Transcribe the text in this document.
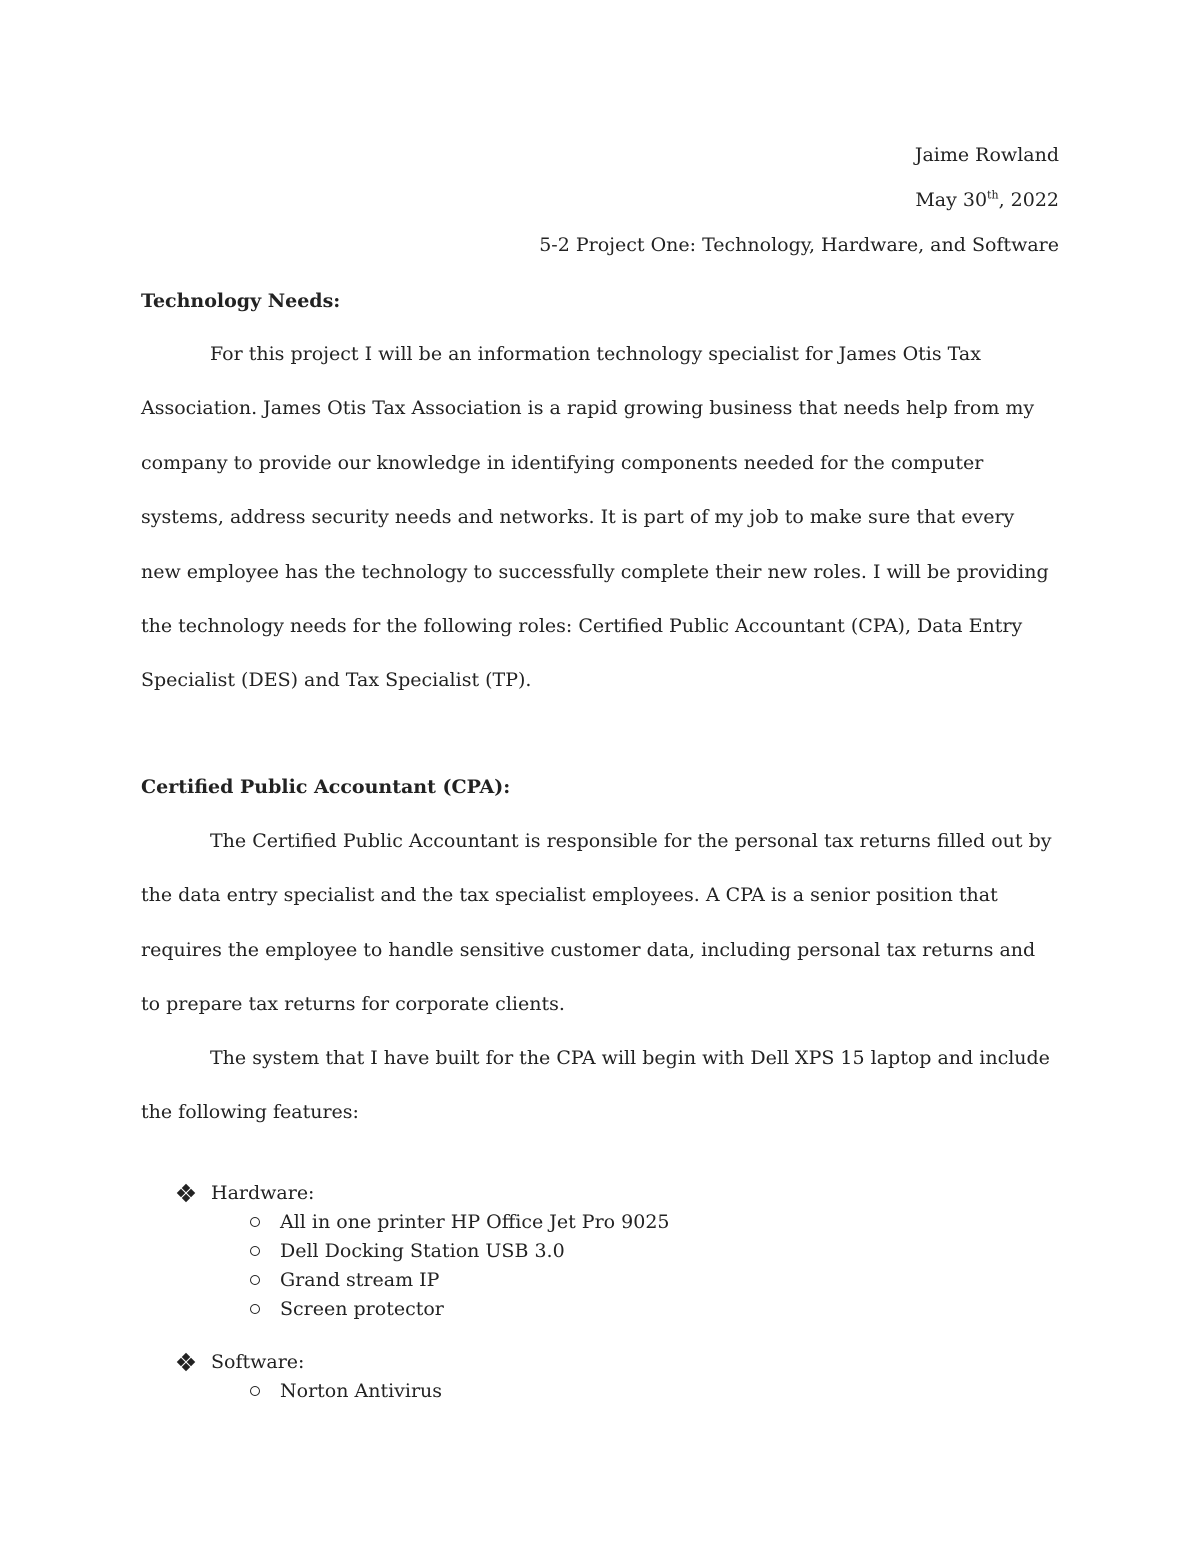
Jaime Rowland
May 30th, 2022
5-2 Project One: Technology, Hardware, and Software
Technology Needs:

For this project I will be an information technology specialist for James Otis Tax Association. James Otis Tax Association is a rapid growing business that needs help from my company to provide our knowledge in identifying components needed for the computer systems, address security needs and networks. It is part of my job to make sure that every new employee has the technology to successfully complete their new roles. I will be providing the technology needs for the following roles: Certified Public Accountant (CPA), Data Entry Specialist (DES) and Tax Specialist (TP).

Certified Public Accountant (CPA):

The Certified Public Accountant is responsible for the personal tax returns filled out by the data entry specialist and the tax specialist employees. A CPA is a senior position that requires the employee to handle sensitive customer data, including personal tax returns and to prepare tax returns for corporate clients.

The system that I have built for the CPA will begin with Dell XPS 15 laptop and include the following features:

Hardware:
All in one printer HP Office Jet Pro 9025
Dell Docking Station USB 3.0
Grand stream IP
Screen protector
Software:
Norton Antivirus
